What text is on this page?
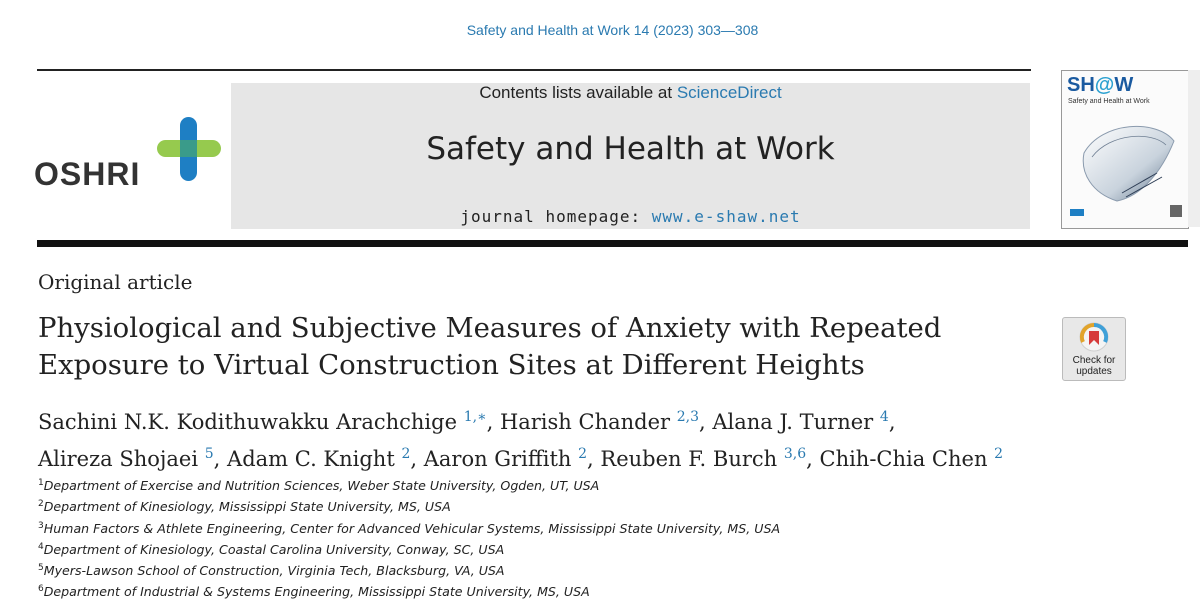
Safety and Health at Work 14 (2023) 303—308
OSHRI
Contents lists available at ScienceDirect
Safety and Health at Work
journal homepage: www.e-shaw.net
SH@W
Safety and Health at Work
Original article
Physiological and Subjective Measures of Anxiety with Repeated Exposure to Virtual Construction Sites at Different Heights	Check for
updates
Sachini N.K. Kodithuwakku Arachchige $^{1,∗}$, Harish Chander $^{2,3}$, Alana J. Turner $^4$,
Alireza Shojaei $^5$, Adam C. Knight $^2$, Aaron Griffith $^2$, Reuben F. Burch $^{3,6}$, Chih-Chia Chen $^2$
$^1$Department of Exercise and Nutrition Sciences, Weber State University, Ogden, UT, USA
$^2$Department of Kinesiology, Mississippi State University, MS, USA
$^3$Human Factors & Athlete Engineering, Center for Advanced Vehicular Systems, Mississippi State University, MS, USA
$^4$Department of Kinesiology, Coastal Carolina University, Conway, SC, USA
$^5$Myers-Lawson School of Construction, Virginia Tech, Blacksburg, VA, USA
$^6$Department of Industrial & Systems Engineering, Mississippi State University, MS, USA
